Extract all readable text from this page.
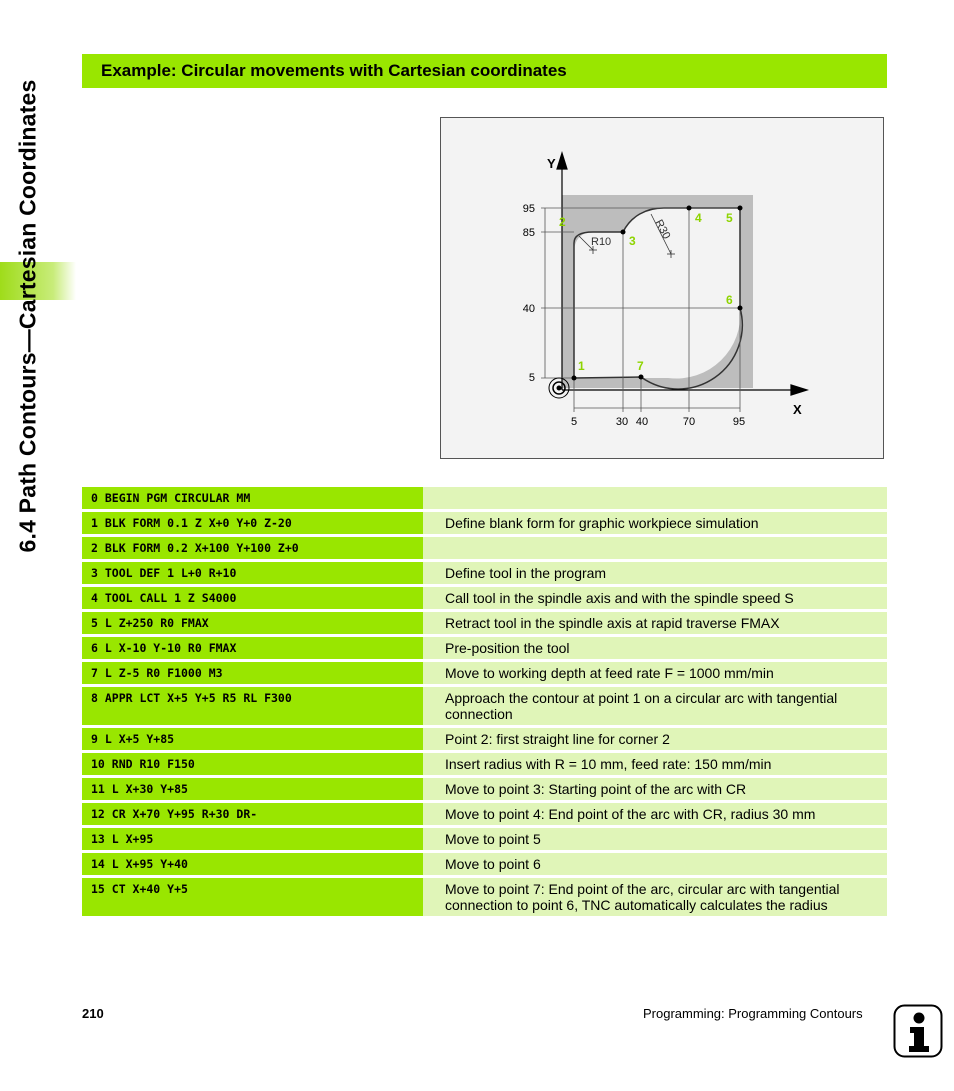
6.4 Path Contours—Cartesian Coordinates
Example: Circular movements with Cartesian coordinates
Y
X
95
85
40
5
5	30 40	70	95
R10
R30
1
2
3
4 5
6
7
0 BEGIN PGM CIRCULAR MM
1 BLK FORM 0.1 Z X+0 Y+0 Z-20	Define blank form for graphic workpiece simulation
2 BLK FORM 0.2 X+100 Y+100 Z+0
3 TOOL DEF 1 L+0 R+10	Define tool in the program
4 TOOL CALL 1 Z S4000	Call tool in the spindle axis and with the spindle speed S
5 L Z+250 R0 FMAX	Retract tool in the spindle axis at rapid traverse FMAX
6 L X-10 Y-10 R0 FMAX	Pre-position the tool
7 L Z-5 R0 F1000 M3	Move to working depth at feed rate F = 1000 mm/min
8 APPR LCT X+5 Y+5 R5 RL F300	Approach the contour at point 1 on a circular arc with tangential connection
9 L X+5 Y+85	Point 2: first straight line for corner 2
10 RND R10 F150	Insert radius with R = 10 mm, feed rate: 150 mm/min
11 L X+30 Y+85	Move to point 3: Starting point of the arc with CR
12 CR X+70 Y+95 R+30 DR-	Move to point 4: End point of the arc with CR, radius 30 mm
13 L X+95	Move to point 5
14 L X+95 Y+40	Move to point 6
15 CT X+40 Y+5	Move to point 7: End point of the arc, circular arc with tangential connection to point 6, TNC automatically calculates the radius
210	Programming: Programming Contours
